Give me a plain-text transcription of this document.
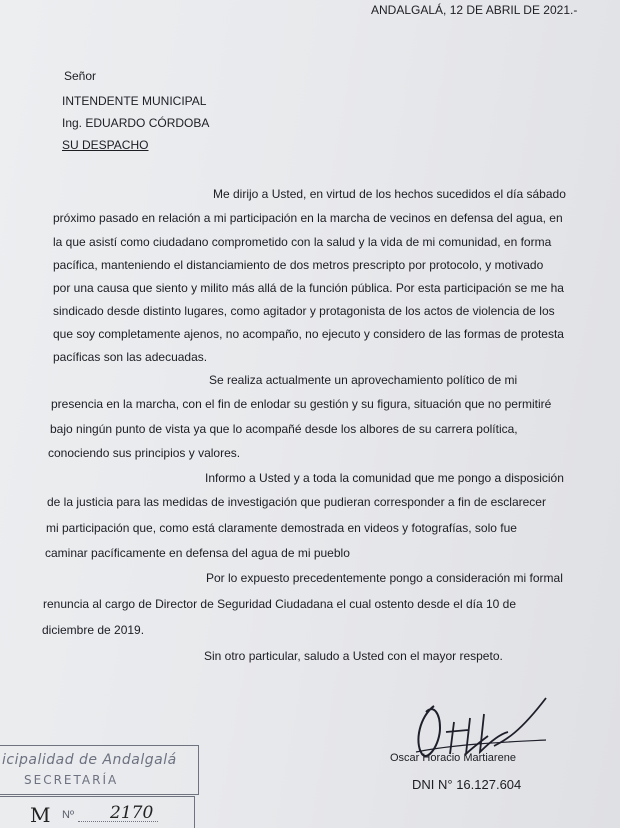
ANDALGALÁ, 12 DE ABRIL DE 2021.-
Señor
INTENDENTE MUNICIPAL
Ing. EDUARDO CÓRDOBA
SU DESPACHO
Me dirijo a Usted, en virtud de los hechos sucedidos el día sábado
próximo pasado en relación a mi participación en la marcha de vecinos en defensa del agua, en
la que asistí como ciudadano comprometido con la salud y la vida de mi comunidad, en forma
pacífica, manteniendo el distanciamiento de dos metros prescripto por protocolo, y motivado
por una causa que siento y milito más allá de la función pública. Por esta participación se me ha
sindicado desde distinto lugares, como agitador y protagonista de los actos de violencia de los
que soy completamente ajenos, no acompaño, no ejecuto y considero de las formas de protesta
pacíficas son las adecuadas.
Se realiza actualmente un aprovechamiento político de mi
presencia en la marcha, con el fin de enlodar su gestión y su figura, situación que no permitiré
bajo ningún punto de vista ya que lo acompañé desde los albores de su carrera política,
conociendo sus principios y valores.
Informo a Usted y a toda la comunidad que me pongo a disposición
de la justicia para las medidas de investigación que pudieran corresponder a fin de esclarecer
mi participación que, como está claramente demostrada en videos y fotografías, solo fue
caminar pacíficamente en defensa del agua de mi pueblo
Por lo expuesto precedentemente pongo a consideración mi formal
renuncia al cargo de Director de Seguridad Ciudadana el cual ostento desde el día 10 de
diciembre de 2019.
Sin otro particular, saludo a Usted con el mayor respeto.
Oscar Horacio Martiarene
DNI N° 16.127.604
icipalidad de Andalgalá
SECRETARÍA
M Nº 2170
